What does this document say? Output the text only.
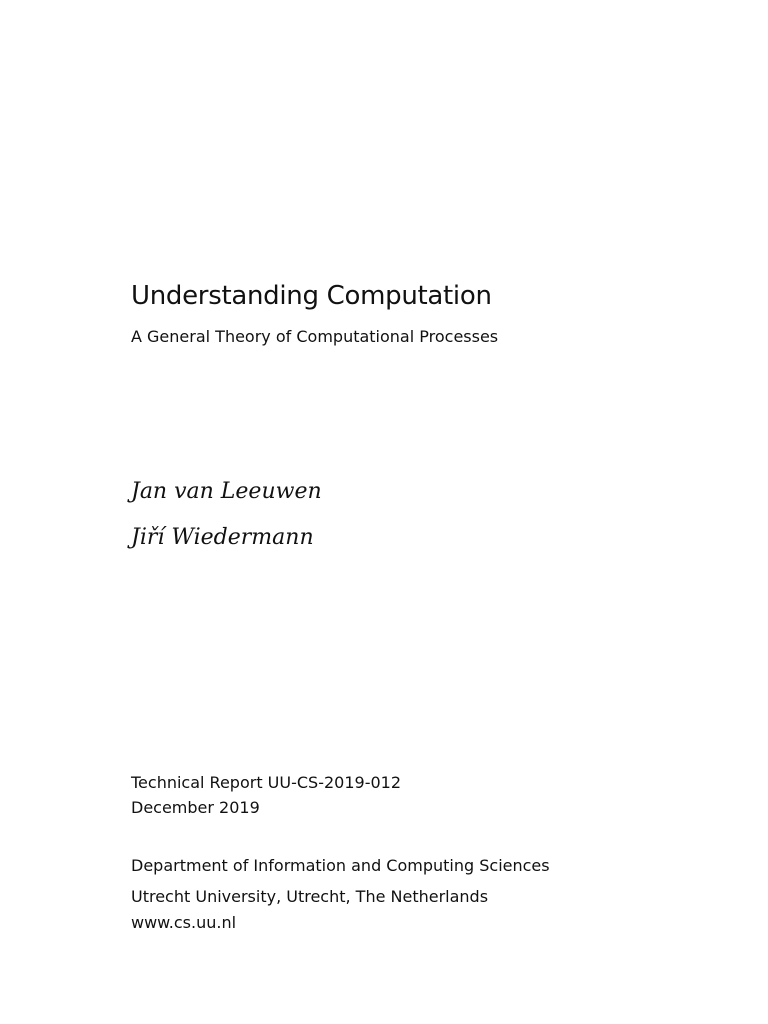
Understanding Computation
A General Theory of Computational Processes
Jan van Leeuwen
Jiří Wiedermann
Technical Report UU-CS-2019-012
December 2019
Department of Information and Computing Sciences
Utrecht University, Utrecht, The Netherlands
www.cs.uu.nl
